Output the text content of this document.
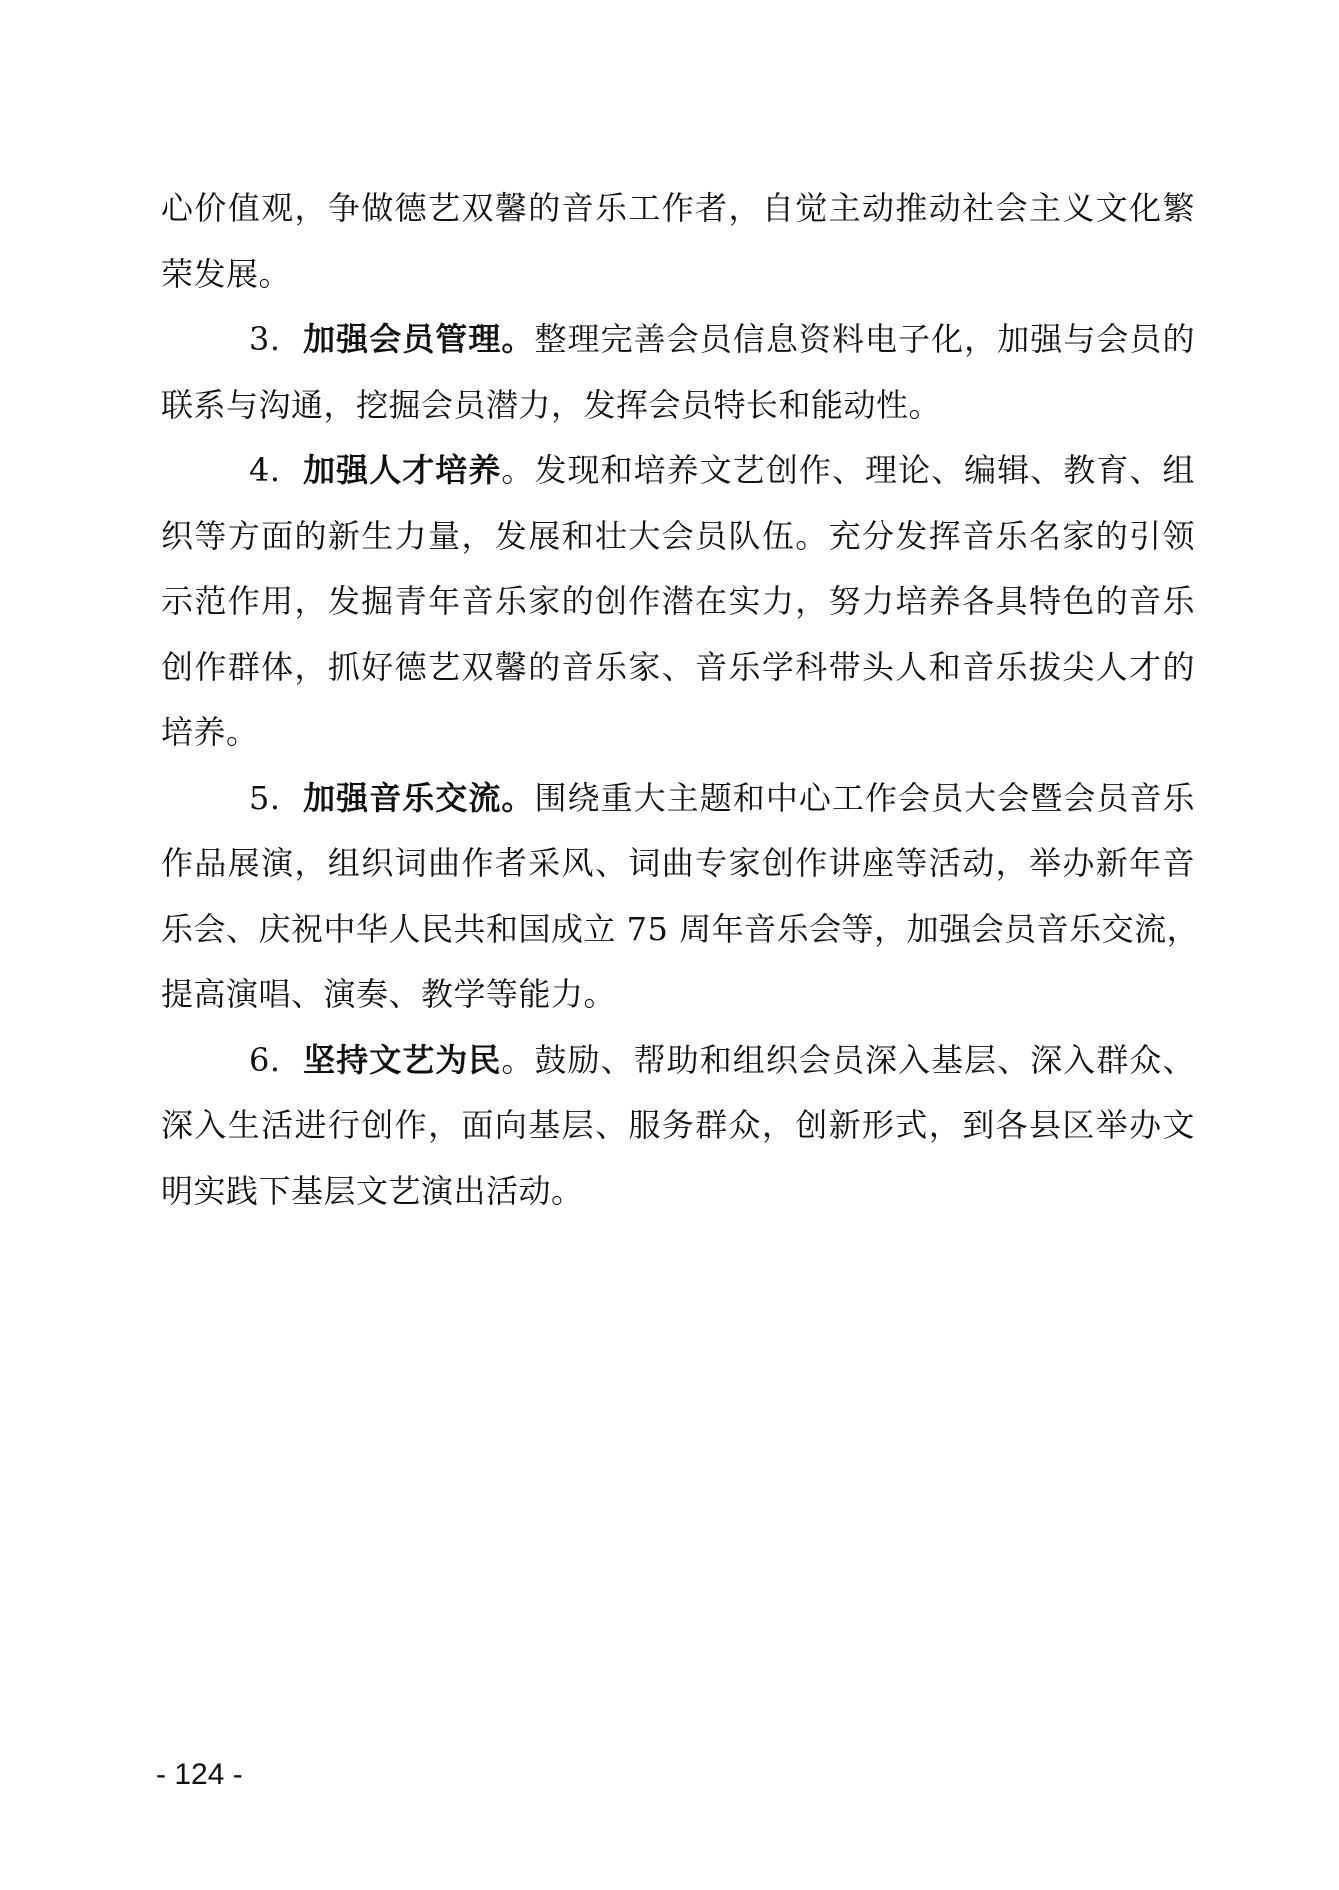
心价值观，争做德艺双馨的音乐工作者，自觉主动推动社会主义文化繁
荣发展。

3. 加强会员管理。整理完善会员信息资料电子化，加强与会员的
联系与沟通，挖掘会员潜力，发挥会员特长和能动性。

4. 加强人才培养。发现和培养文艺创作、理论、编辑、教育、组
织等方面的新生力量，发展和壮大会员队伍。充分发挥音乐名家的引领
示范作用，发掘青年音乐家的创作潜在实力，努力培养各具特色的音乐
创作群体，抓好德艺双馨的音乐家、音乐学科带头人和音乐拔尖人才的
培养。

5. 加强音乐交流。围绕重大主题和中心工作会员大会暨会员音乐
作品展演，组织词曲作者采风、词曲专家创作讲座等活动，举办新年音
乐会、庆祝中华人民共和国成立 75 周年音乐会等，加强会员音乐交流，
提高演唱、演奏、教学等能力。

6. 坚持文艺为民。鼓励、帮助和组织会员深入基层、深入群众、
深入生活进行创作，面向基层、服务群众，创新形式，到各县区举办文
明实践下基层文艺演出活动。

- 124 -
